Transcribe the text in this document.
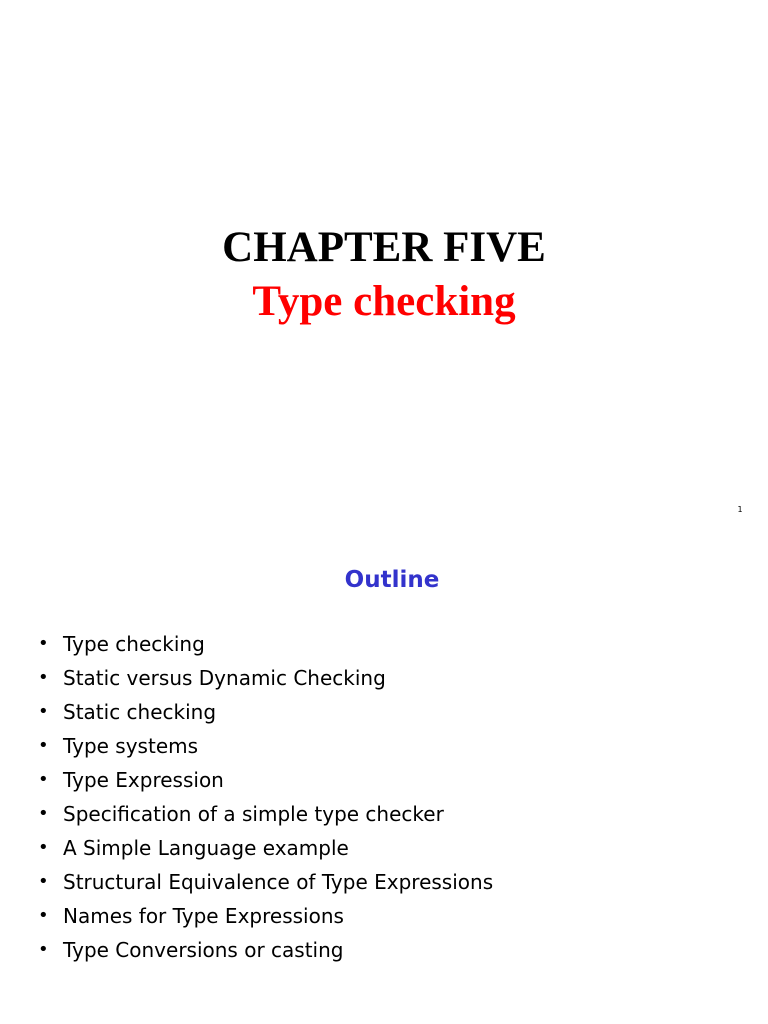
CHAPTER FIVE
Type checking
1
Outline
• Type checking
• Static versus Dynamic Checking
• Static checking
• Type systems
• Type Expression
• Specification of a simple type checker
• A Simple Language example
• Structural Equivalence of Type Expressions
• Names for Type Expressions
• Type Conversions or casting
